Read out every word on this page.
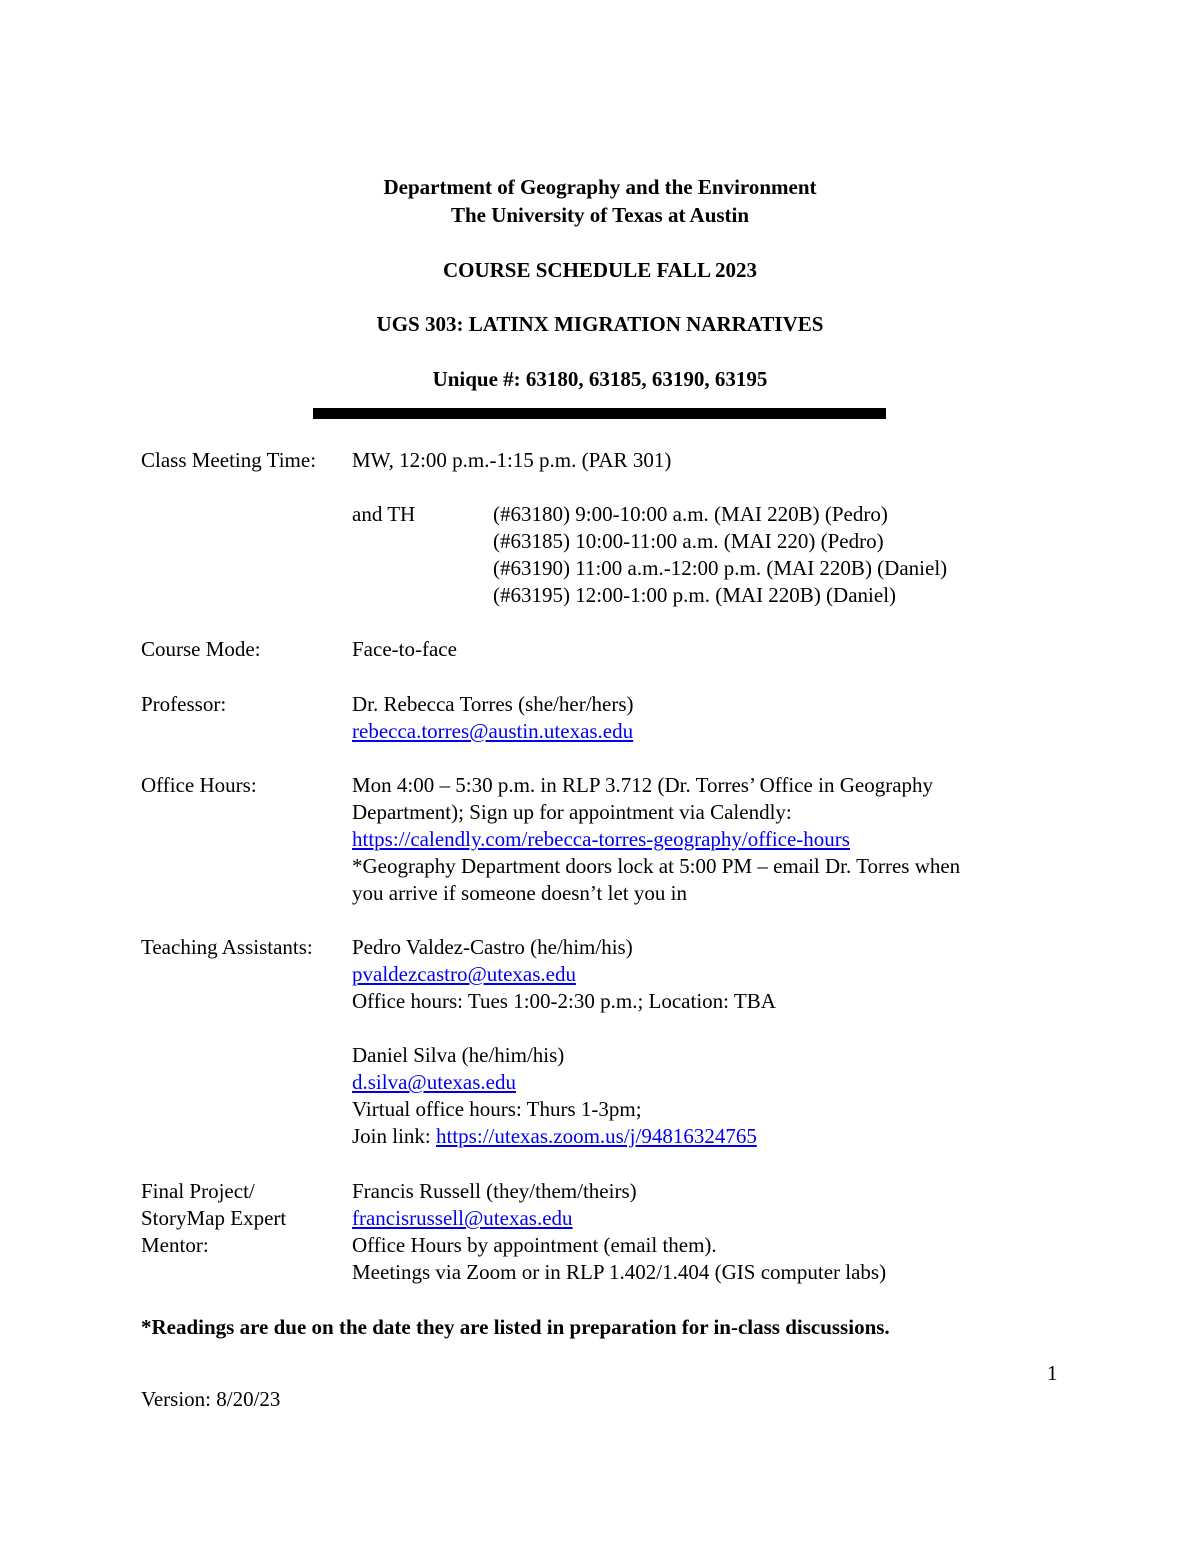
Department of Geography and the Environment
The University of Texas at Austin
COURSE SCHEDULE FALL 2023
UGS 303: LATINX MIGRATION NARRATIVES
Unique #: 63180, 63185, 63190, 63195
Class Meeting Time: MW, 12:00 p.m.-1:15 p.m. (PAR 301)
and TH	(#63180) 9:00-10:00 a.m. (MAI 220B) (Pedro)
(#63185) 10:00-11:00 a.m. (MAI 220) (Pedro)
(#63190) 11:00 a.m.-12:00 p.m. (MAI 220B) (Daniel)
(#63195) 12:00-1:00 p.m. (MAI 220B) (Daniel)
Course Mode:	Face-to-face
Professor:	Dr. Rebecca Torres (she/her/hers)
rebecca.torres@austin.utexas.edu
Office Hours:	Mon 4:00 – 5:30 p.m. in RLP 3.712 (Dr. Torres’ Office in Geography
Department); Sign up for appointment via Calendly:
https://calendly.com/rebecca-torres-geography/office-hours
*Geography Department doors lock at 5:00 PM – email Dr. Torres when
you arrive if someone doesn’t let you in
Teaching Assistants: Pedro Valdez-Castro (he/him/his)
pvaldezcastro@utexas.edu
Office hours: Tues 1:00-2:30 p.m.; Location: TBA
Daniel Silva (he/him/his)
d.silva@utexas.edu
Virtual office hours: Thurs 1-3pm;
Join link: https://utexas.zoom.us/j/94816324765
Final Project/
StoryMap Expert
Mentor:
Francis Russell (they/them/theirs)
francisrussell@utexas.edu
Office Hours by appointment (email them).
Meetings via Zoom or in RLP 1.402/1.404 (GIS computer labs)
*Readings are due on the date they are listed in preparation for in-class discussions.
1
Version: 8/20/23
